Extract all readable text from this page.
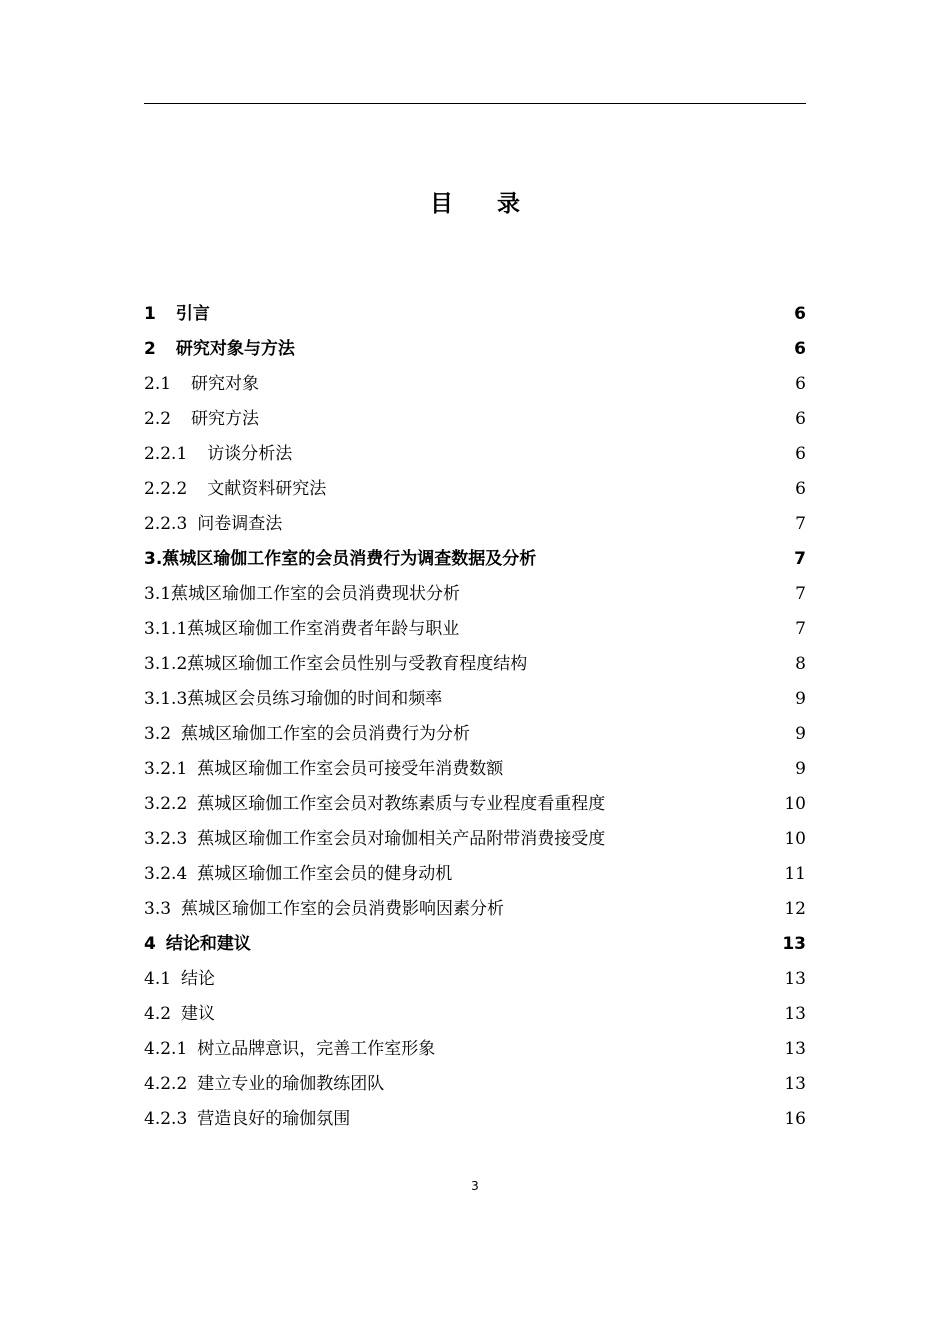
目录
1 引言	6
2 研究对象与方法	6
2.1 研究对象	6
2.2 研究方法	6
2.2.1 访谈分析法	6
2.2.2 文献资料研究法	6
2.2.3 问卷调查法	7
3. 蕉城区瑜伽工作室的会员消费行为调查数据及分析	7
3.1 蕉城区瑜伽工作室的会员消费现状分析	7
3.1.1 蕉城区瑜伽工作室消费者年龄与职业	7
3.1.2 蕉城区瑜伽工作室会员性别与受教育程度结构	8
3.1.3 蕉城区会员练习瑜伽的时间和频率	9
3.2 蕉城区瑜伽工作室的会员消费行为分析	9
3.2.1 蕉城区瑜伽工作室会员可接受年消费数额	9
3.2.2 蕉城区瑜伽工作室会员对教练素质与专业程度看重程度	10
3.2.3 蕉城区瑜伽工作室会员对瑜伽相关产品附带消费接受度	10
3.2.4 蕉城区瑜伽工作室会员的健身动机	11
3.3 蕉城区瑜伽工作室的会员消费影响因素分析	12
4 结论和建议	13
4.1 结论	13
4.2 建议	13
4.2.1 树立品牌意识，完善工作室形象	13
4.2.2 建立专业的瑜伽教练团队	13
4.2.3 营造良好的瑜伽氛围	16
3
